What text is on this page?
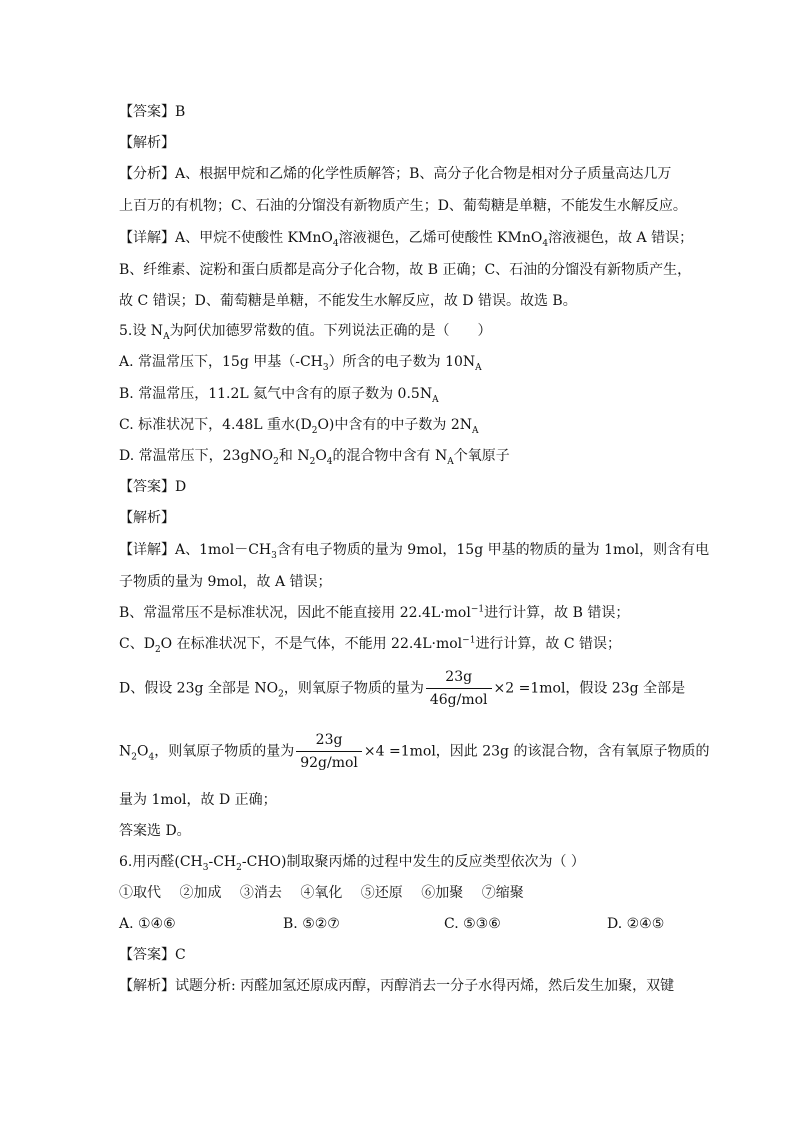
【答案】B
【解析】
【分析】A、根据甲烷和乙烯的化学性质解答；B、高分子化合物是相对分子质量高达几万
上百万的有机物；C、石油的分馏没有新物质产生；D、葡萄糖是单糖，不能发生水解反应。
【详解】A、甲烷不使酸性 KMnO$_4$溶液褪色，乙烯可使酸性 KMnO$_4$溶液褪色，故 A 错误；
B、纤维素、淀粉和蛋白质都是高分子化合物，故 B 正确；C、石油的分馏没有新物质产生，
故 C 错误；D、葡萄糖是单糖，不能发生水解反应，故 D 错误。故选 B。
5.设 $N_A$为阿伏加德罗常数的值。下列说法正确的是（　　）
A. 常温常压下，15g 甲基$(-CH_3)$所含的电子数为 $10N_A$
B. 常温常压，11.2L 氦气中含有的原子数为 $0.5N_A$
C. 标准状况下，4.48L 重水$(D_2O)$中含有的中子数为 $2N_A$
D. 常温常压下，23gNO$_2$和 $N_2O_4$的混合物中含有 $N_A$个氧原子
【答案】D
【解析】
【详解】A、$1mol-CH_3$含有电子物质的量为 9mol，15g 甲基的物质的量为 1mol，则含有电
子物质的量为 9mol，故 A 错误；
B、常温常压不是标准状况，因此不能直接用 22.4L·mol$^{-1}$进行计算，故 B 错误；
C、$D_2O$ 在标准状况下，不是气体，不能用 22.4L·mol$^{-1}$进行计算，故 C 错误；
D、假设 23g 全部是 $NO_2$，则氧原子物质的量为 $\frac{23g}{\text{46g/mol}} \times 2 =1mol$，假设 23g 全部是
$N_2O_4$，则氧原子物质的量为 $\frac{23g}{\text{92g/mol}} \times 4 =1mol$，因此 23g 的该混合物，含有氧原子物质的
量为 1mol，故 D 正确；
答案选 D。
6.用丙醛$(CH_3-CH_2-CHO)$制取聚丙烯的过程中发生的反应类型依次为（ ）
①取代　 ②加成　 ③消去　 ④氧化　 ⑤还原　 ⑥加聚　 ⑦缩聚
A. ①④⑥	B. ⑤②⑦	C. ⑤③⑥	D. ②④⑤
【答案】C
【解析】试题分析: 丙醛加氢还原成丙醇，丙醇消去一分子水得丙烯，然后发生加聚，双键
